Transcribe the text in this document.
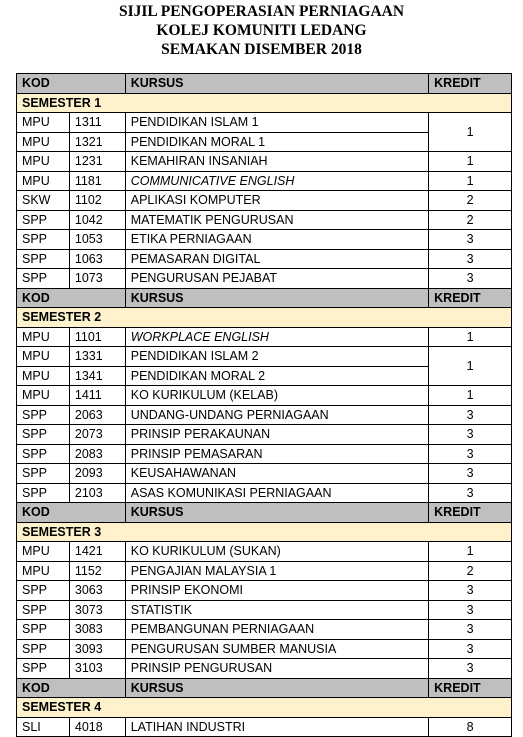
SIJIL PENGOPERASIAN PERNIAGAAN
KOLEJ KOMUNITI LEDANG
SEMAKAN DISEMBER 2018
KOD		KURSUS	KREDIT
SEMESTER 1			
MPU	1311	PENDIDIKAN ISLAM 1	1
MPU	1321	PENDIDIKAN MORAL 1	
MPU	1231	KEMAHIRAN INSANIAH	1
MPU	1181	COMMUNICATIVE ENGLISH	1
SKW	1102	APLIKASI KOMPUTER	2
SPP	1042	MATEMATIK PENGURUSAN	2
SPP	1053	ETIKA PERNIAGAAN	3
SPP	1063	PEMASARAN DIGITAL	3
SPP	1073	PENGURUSAN PEJABAT	3
KOD		KURSUS	KREDIT
SEMESTER 2			
MPU	1101	WORKPLACE ENGLISH	1
MPU	1331	PENDIDIKAN ISLAM 2	1
MPU	1341	PENDIDIKAN MORAL 2	
MPU	1411	KO KURIKULUM (KELAB)	1
SPP	2063	UNDANG-UNDANG PERNIAGAAN	3
SPP	2073	PRINSIP PERAKAUNAN	3
SPP	2083	PRINSIP PEMASARAN	3
SPP	2093	KEUSAHAWANAN	3
SPP	2103	ASAS KOMUNIKASI PERNIAGAAN	3
KOD		KURSUS	KREDIT
SEMESTER 3			
MPU	1421	KO KURIKULUM (SUKAN)	1
MPU	1152	PENGAJIAN MALAYSIA 1	2
SPP	3063	PRINSIP EKONOMI	3
SPP	3073	STATISTIK	3
SPP	3083	PEMBANGUNAN PERNIAGAAN	3
SPP	3093	PENGURUSAN SUMBER MANUSIA	3
SPP	3103	PRINSIP PENGURUSAN	3
KOD		KURSUS	KREDIT
SEMESTER 4			
SLI	4018	LATIHAN INDUSTRI	8
